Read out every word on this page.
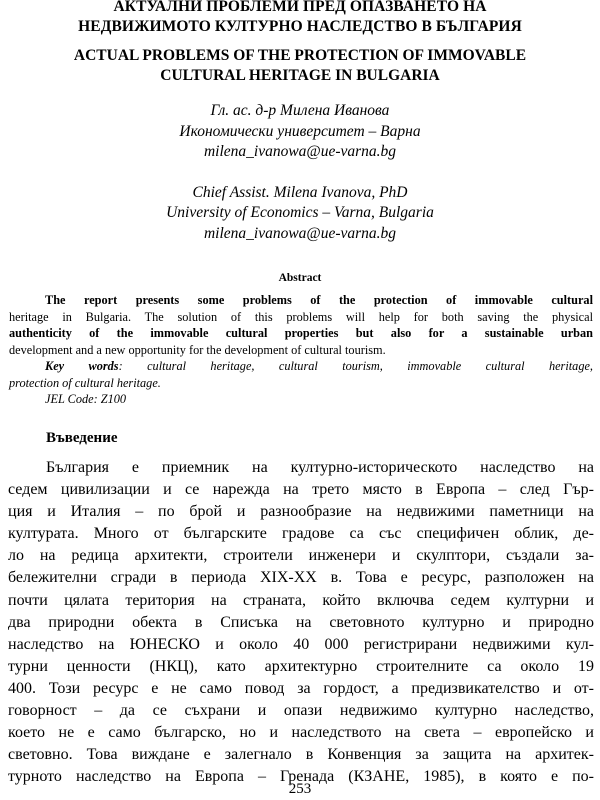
АКТУАЛНИ ПРОБЛЕМИ ПРЕД ОПАЗВАНЕТО НА
НЕДВИЖИМОТО КУЛТУРНО НАСЛЕДСТВО В БЪЛГАРИЯ
ACTUAL PROBLEMS OF THE PROTECTION OF IMMOVABLE
CULTURAL HERITAGE IN BULGARIA
Гл. ас. д-р Милена Иванова
Икономически университет – Варна
milena_ivanowa@ue-varna.bg
Chief Assist. Milena Ivanova, PhD
University of Economics – Varna, Bulgaria
milena_ivanowa@ue-varna.bg
Abstract
The report presents some problems of the protection of immovable cultural
heritage in Bulgaria. The solution of this problems will help for both saving the physical
authenticity of the immovable cultural properties but also for a sustainable urban
development and a new opportunity for the development of cultural tourism.
Key words: cultural heritage, cultural tourism, immovable cultural heritage,
protection of cultural heritage.
JEL Code: Z100
Въведение
България е приемник на културно-историческото наследство на
седем цивилизации и се нарежда на трето място в Европа – след Гър-
ция и Италия – по брой и разнообразие на недвижими паметници на
културата. Много от българските градове са със специфичен облик, де-
ло на редица архитекти, строители инженери и скулптори, създали за-
бележителни сгради в периода XIX-XX в. Това е ресурс, разположен на
почти цялата територия на страната, който включва седем културни и
два природни обекта в Списъка на световното културно и природно
наследство на ЮНЕСКО и около 40 000 регистрирани недвижими кул-
турни ценности (НКЦ), като архитектурно строителните са около 19
400. Този ресурс е не само повод за гордост, а предизвикателство и от-
говорност – да се съхрани и опази недвижимо културно наследство,
което не е само българско, но и наследството на света – европейско и
световно. Това виждане е залегнало в Конвенция за защита на архитек-
турното наследство на Европа – Гренада (КЗАНЕ, 1985), в която е по-
253
